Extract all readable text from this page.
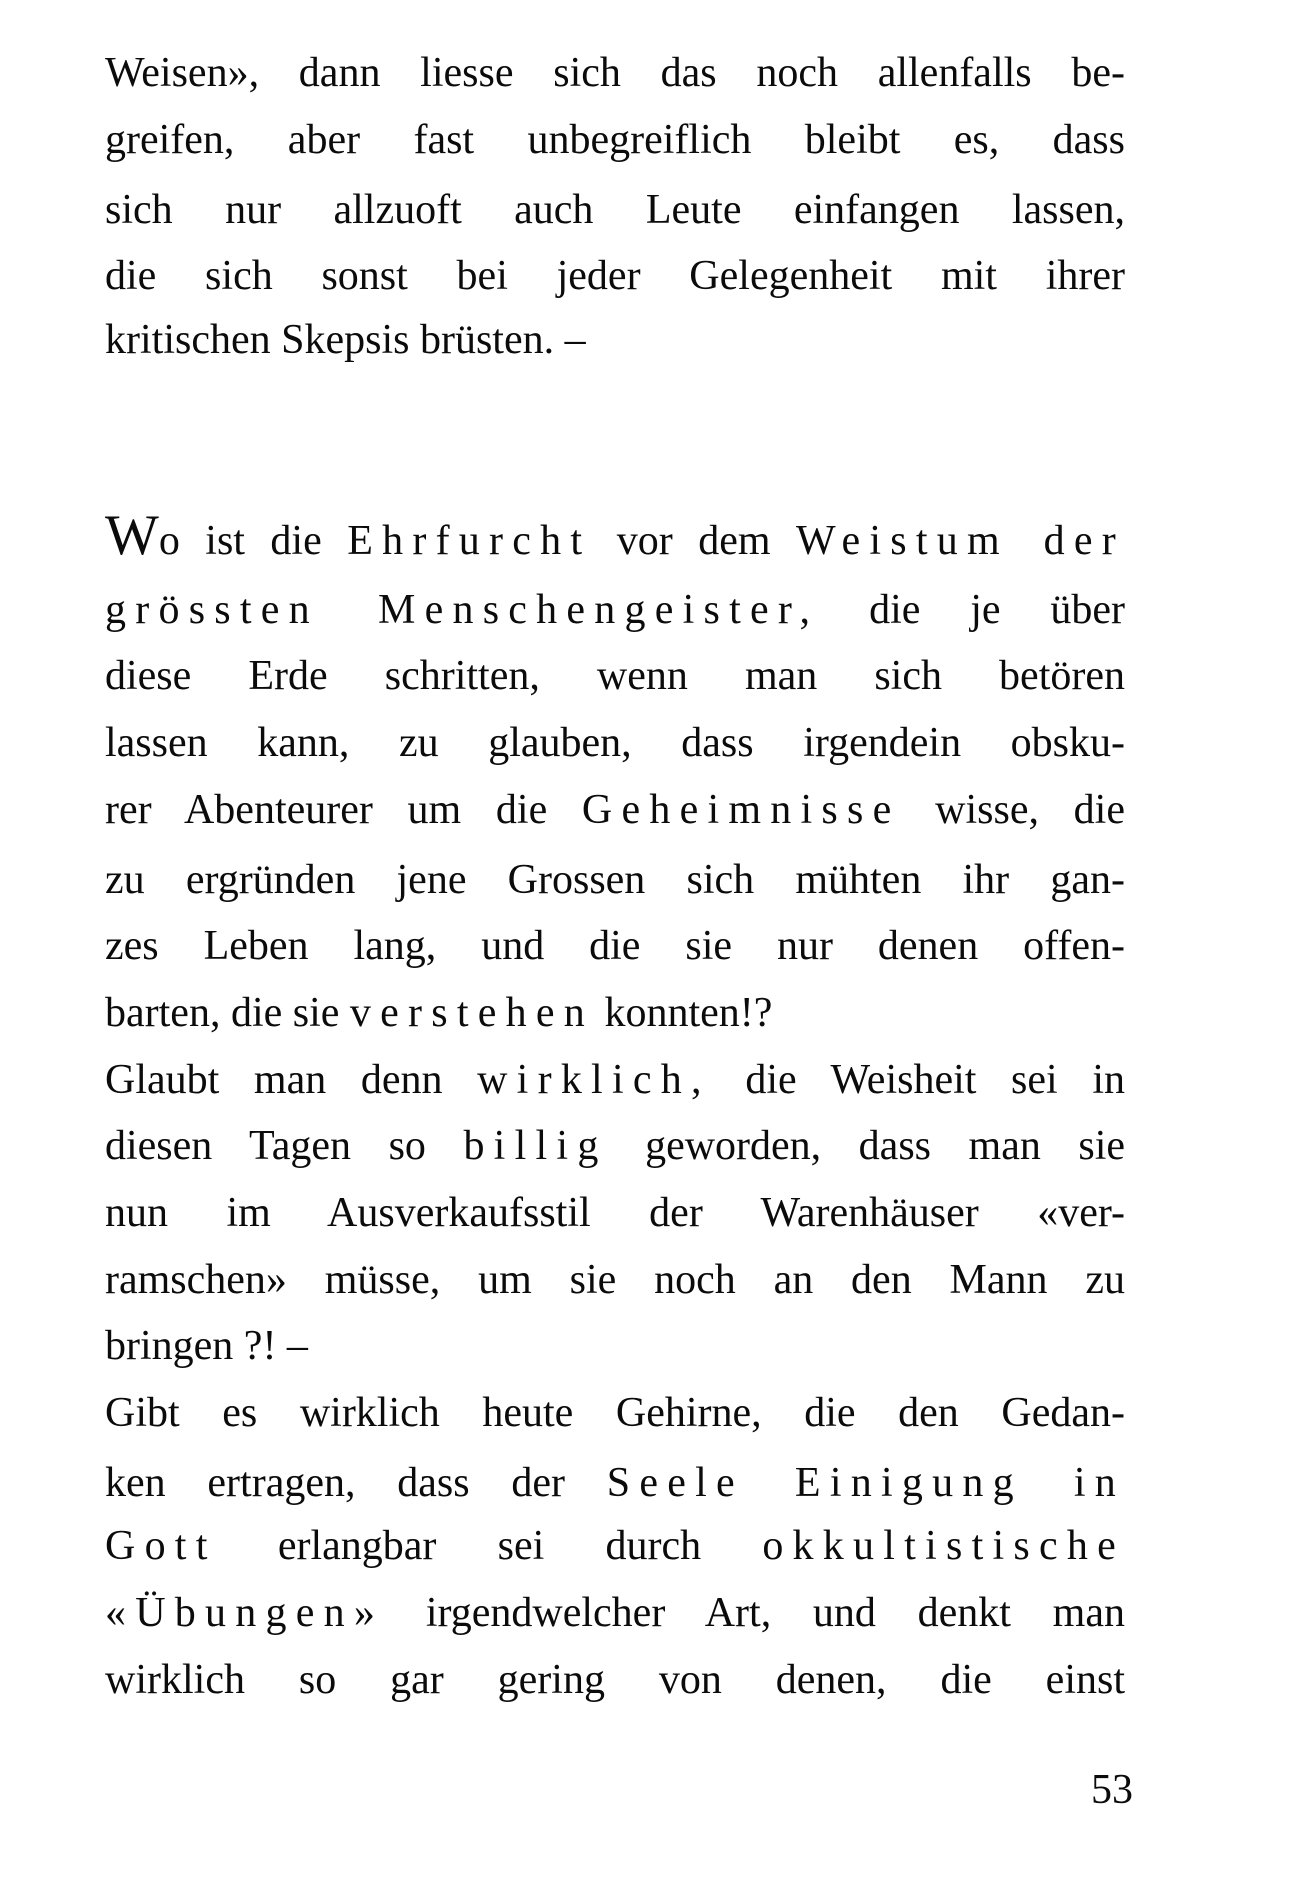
Weisen», dann liesse sich das noch allenfalls be-
greifen, aber fast unbegreiflich bleibt es, dass
sich nur allzuoft auch Leute einfangen lassen,
die sich sonst bei jeder Gelegenheit mit ihrer
kritischen Skepsis brüsten. –
Wo ist die Ehrfurcht vor dem Weistum der
grössten Menschengeister, die je über
diese Erde schritten, wenn man sich betören
lassen kann, zu glauben, dass irgendein obsku-
rer Abenteurer um die Geheimnisse wisse, die
zu ergründen jene Grossen sich mühten ihr gan-
zes Leben lang, und die sie nur denen offen-
barten, die sie verstehen konnten!?
Glaubt man denn wirklich, die Weisheit sei in
diesen Tagen so billig geworden, dass man sie
nun im Ausverkaufsstil der Warenhäuser «ver-
ramschen» müsse, um sie noch an den Mann zu
bringen ?! –
Gibt es wirklich heute Gehirne, die den Gedan-
ken ertragen, dass der Seele Einigung in
Gott erlangbar sei durch okkultistische
«Übungen» irgendwelcher Art, und denkt man
wirklich so gar gering von denen, die einst
53
